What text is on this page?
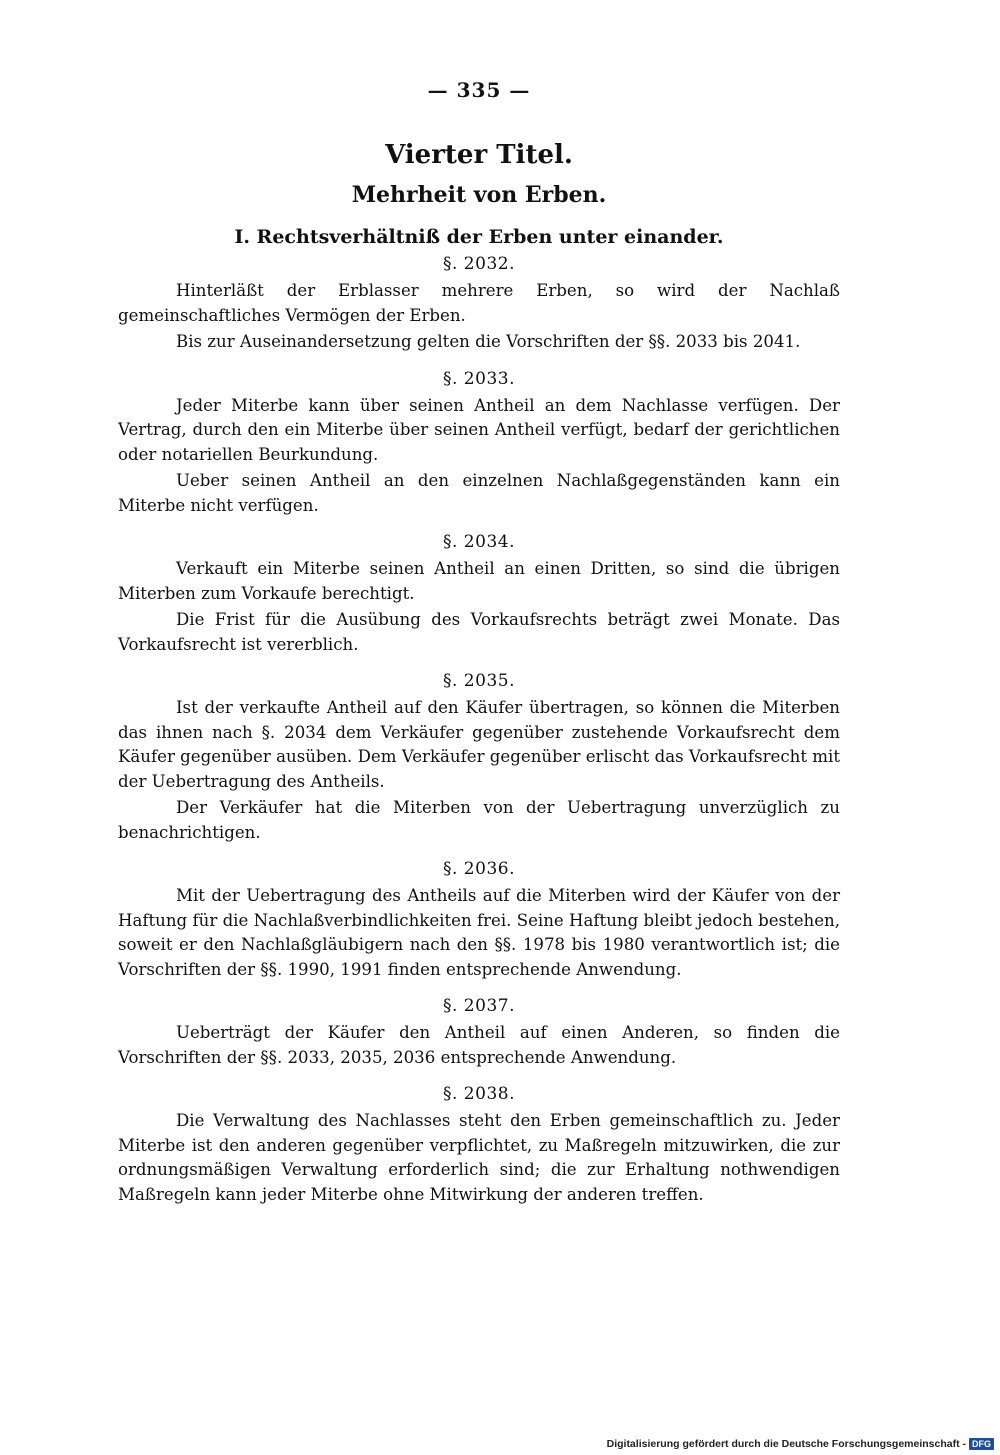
— 335 —
Vierter Titel.
Mehrheit von Erben.
I. Rechtsverhältniß der Erben unter einander.
§. 2032.

Hinterläßt der Erblasser mehrere Erben, so wird der Nachlaß gemeinschaftliches Vermögen der Erben.

Bis zur Auseinandersetzung gelten die Vorschriften der §§. 2033 bis 2041.

§. 2033.

Jeder Miterbe kann über seinen Antheil an dem Nachlasse verfügen. Der Vertrag, durch den ein Miterbe über seinen Antheil verfügt, bedarf der gerichtlichen oder notariellen Beurkundung.

Ueber seinen Antheil an den einzelnen Nachlaßgegenständen kann ein Miterbe nicht verfügen.

§. 2034.

Verkauft ein Miterbe seinen Antheil an einen Dritten, so sind die übrigen Miterben zum Vorkaufe berechtigt.

Die Frist für die Ausübung des Vorkaufsrechts beträgt zwei Monate. Das Vorkaufsrecht ist vererblich.

§. 2035.

Ist der verkaufte Antheil auf den Käufer übertragen, so können die Miterben das ihnen nach §. 2034 dem Verkäufer gegenüber zustehende Vorkaufsrecht dem Käufer gegenüber ausüben. Dem Verkäufer gegenüber erlischt das Vorkaufsrecht mit der Uebertragung des Antheils.

Der Verkäufer hat die Miterben von der Uebertragung unverzüglich zu benachrichtigen.

§. 2036.

Mit der Uebertragung des Antheils auf die Miterben wird der Käufer von der Haftung für die Nachlaßverbindlichkeiten frei. Seine Haftung bleibt jedoch bestehen, soweit er den Nachlaßgläubigern nach den §§. 1978 bis 1980 verantwortlich ist; die Vorschriften der §§. 1990, 1991 finden entsprechende Anwendung.

§. 2037.

Ueberträgt der Käufer den Antheil auf einen Anderen, so finden die Vorschriften der §§. 2033, 2035, 2036 entsprechende Anwendung.

§. 2038.

Die Verwaltung des Nachlasses steht den Erben gemeinschaftlich zu. Jeder Miterbe ist den anderen gegenüber verpflichtet, zu Maßregeln mitzuwirken, die zur ordnungsmäßigen Verwaltung erforderlich sind; die zur Erhaltung nothwendigen Maßregeln kann jeder Miterbe ohne Mitwirkung der anderen treffen.

Digitalisierung gefördert durch die Deutsche Forschungsgemeinschaft - DFG
